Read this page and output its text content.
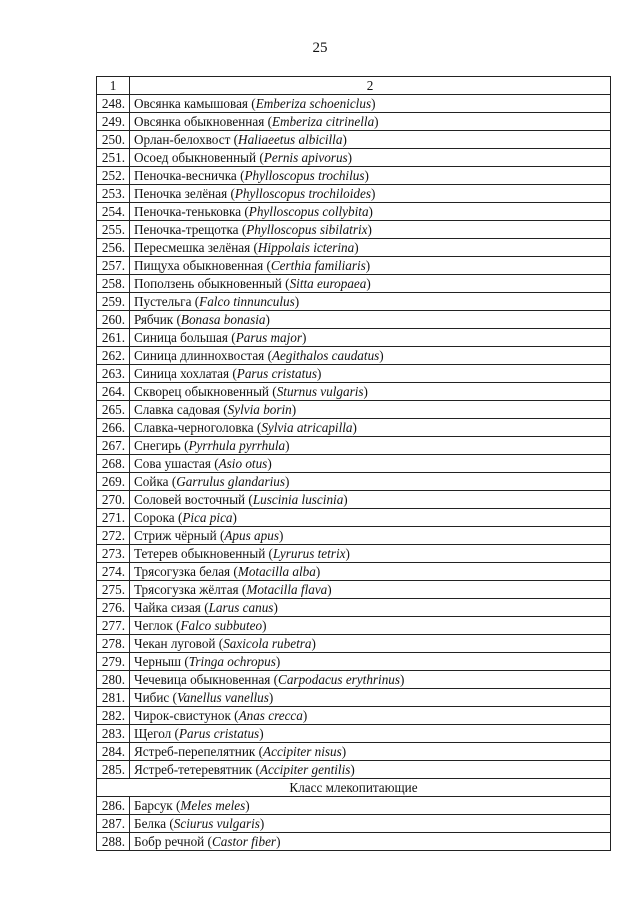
25
1	2
248.	Овсянка камышовая (Emberiza schoeniclus)
249.	Овсянка обыкновенная (Emberiza citrinella)
250.	Орлан-белохвост (Haliaeetus albicilla)
251.	Осоед обыкновенный (Pernis apivorus)
252.	Пеночка-весничка (Phylloscopus trochilus)
253.	Пеночка зелёная (Phylloscopus trochiloides)
254.	Пеночка-теньковка (Phylloscopus collybita)
255.	Пеночка-трещотка (Phylloscopus sibilatrix)
256.	Пересмешка зелёная (Hippolais icterina)
257.	Пищуха обыкновенная (Certhia familiaris)
258.	Поползень обыкновенный (Sitta europaea)
259.	Пустельга (Falco tinnunculus)
260.	Рябчик (Bonasa bonasia)
261.	Синица большая (Parus major)
262.	Синица длиннохвостая (Aegithalos caudatus)
263.	Синица хохлатая (Parus cristatus)
264.	Скворец обыкновенный (Sturnus vulgaris)
265.	Славка садовая (Sylvia borin)
266.	Славка-черноголовка (Sylvia atricapilla)
267.	Снегирь (Pyrrhula pyrrhula)
268.	Сова ушастая (Asio otus)
269.	Сойка (Garrulus glandarius)
270.	Соловей восточный (Luscinia luscinia)
271.	Сорока (Pica pica)
272.	Стриж чёрный (Apus apus)
273.	Тетерев обыкновенный (Lyrurus tetrix)
274.	Трясогузка белая (Motacilla alba)
275.	Трясогузка жёлтая (Motacilla flava)
276.	Чайка сизая (Larus canus)
277.	Чеглок (Falco subbuteo)
278.	Чекан луговой (Saxicola rubetra)
279.	Черныш (Tringa ochropus)
280.	Чечевица обыкновенная (Carpodacus erythrinus)
281.	Чибис (Vanellus vanellus)
282.	Чирок-свистунок (Anas crecca)
283.	Щегол (Parus cristatus)
284.	Ястреб-перепелятник (Accipiter nisus)
285.	Ястреб-тетеревятник (Accipiter gentilis)
Класс млекопитающие	
286.	Барсук (Meles meles)
287.	Белка (Sciurus vulgaris)
288.	Бобр речной (Castor fiber)
